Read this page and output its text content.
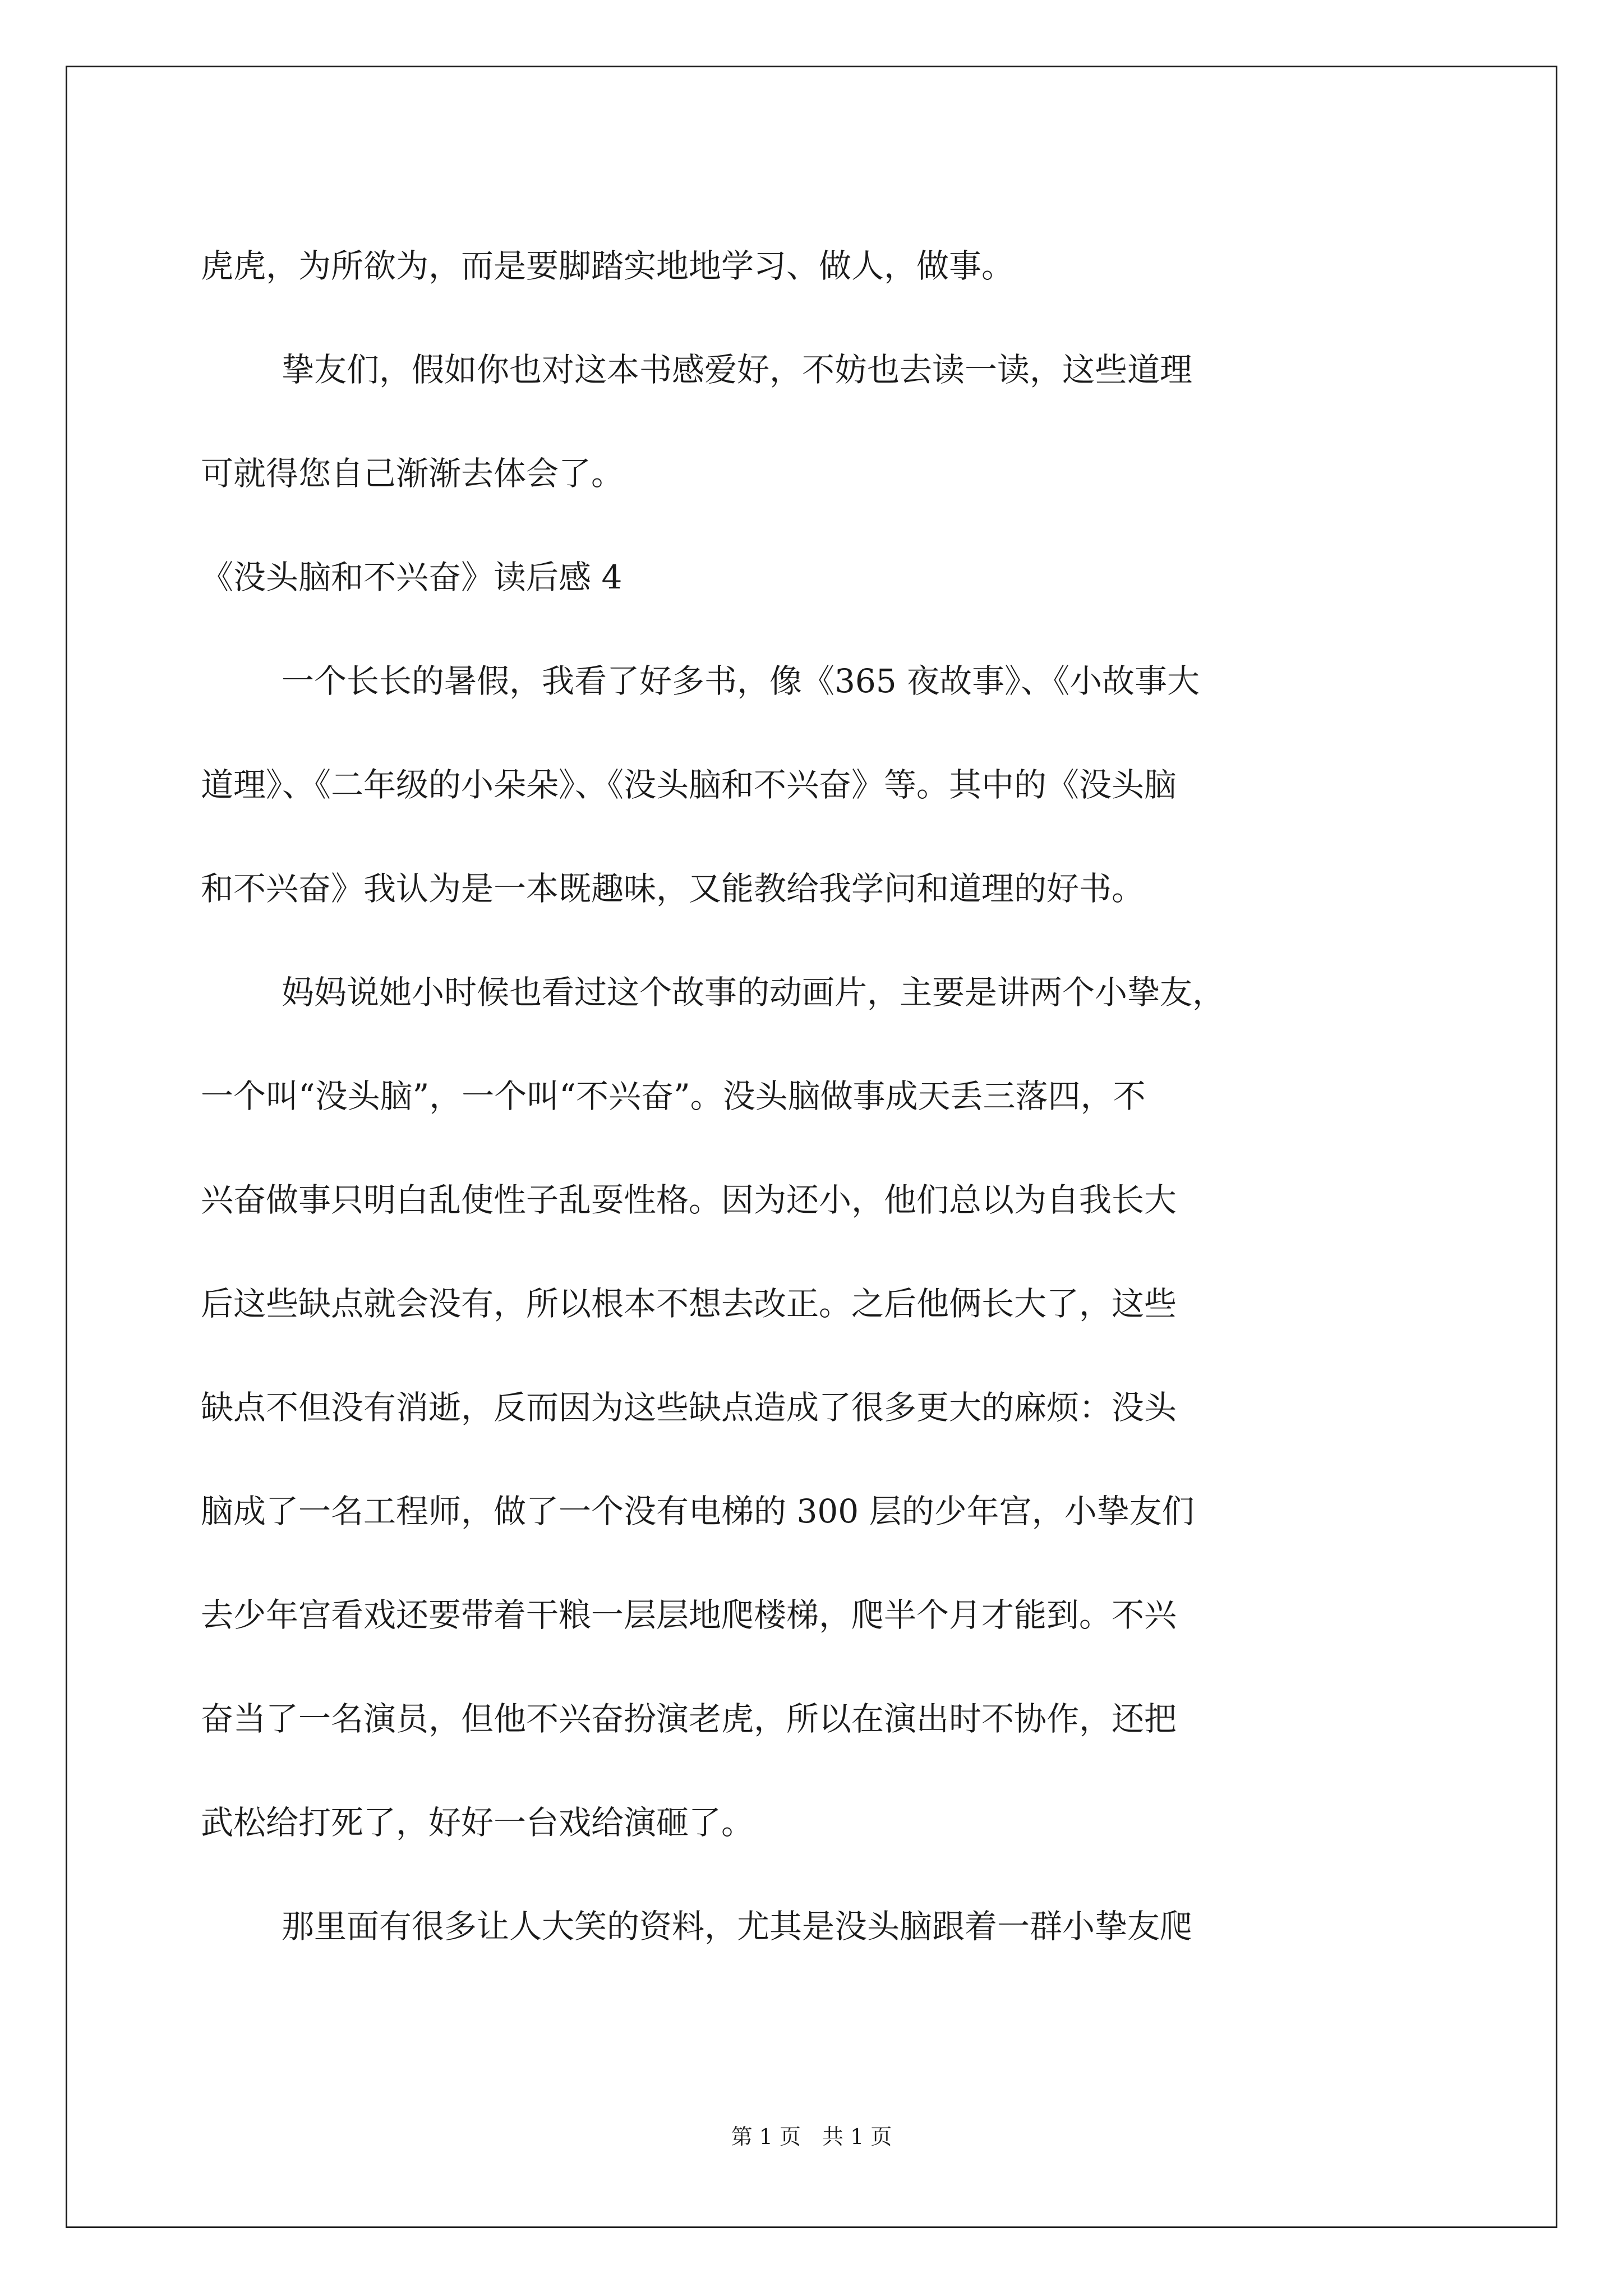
虎虎，为所欲为，而是要脚踏实地地学习、做人，做事。
挚友们，假如你也对这本书感爱好，不妨也去读一读，这些道理
可就得您自己渐渐去体会了。
《没头脑和不兴奋》读后感 4
一个长长的暑假，我看了好多书，像《365 夜故事》、《小故事大
道理》、《二年级的小朵朵》、《没头脑和不兴奋》等。其中的《没头脑
和不兴奋》我认为是一本既趣味，又能教给我学问和道理的好书。
妈妈说她小时候也看过这个故事的动画片，主要是讲两个小挚友，
一个叫“没头脑”，一个叫“不兴奋”。没头脑做事成天丢三落四，不
兴奋做事只明白乱使性子乱耍性格。因为还小，他们总以为自我长大
后这些缺点就会没有，所以根本不想去改正。之后他俩长大了，这些
缺点不但没有消逝，反而因为这些缺点造成了很多更大的麻烦：没头
脑成了一名工程师，做了一个没有电梯的 300 层的少年宫，小挚友们
去少年宫看戏还要带着干粮一层层地爬楼梯，爬半个月才能到。不兴
奋当了一名演员，但他不兴奋扮演老虎，所以在演出时不协作，还把
武松给打死了，好好一台戏给演砸了。
那里面有很多让人大笑的资料，尤其是没头脑跟着一群小挚友爬
第 1 页　共 1 页
